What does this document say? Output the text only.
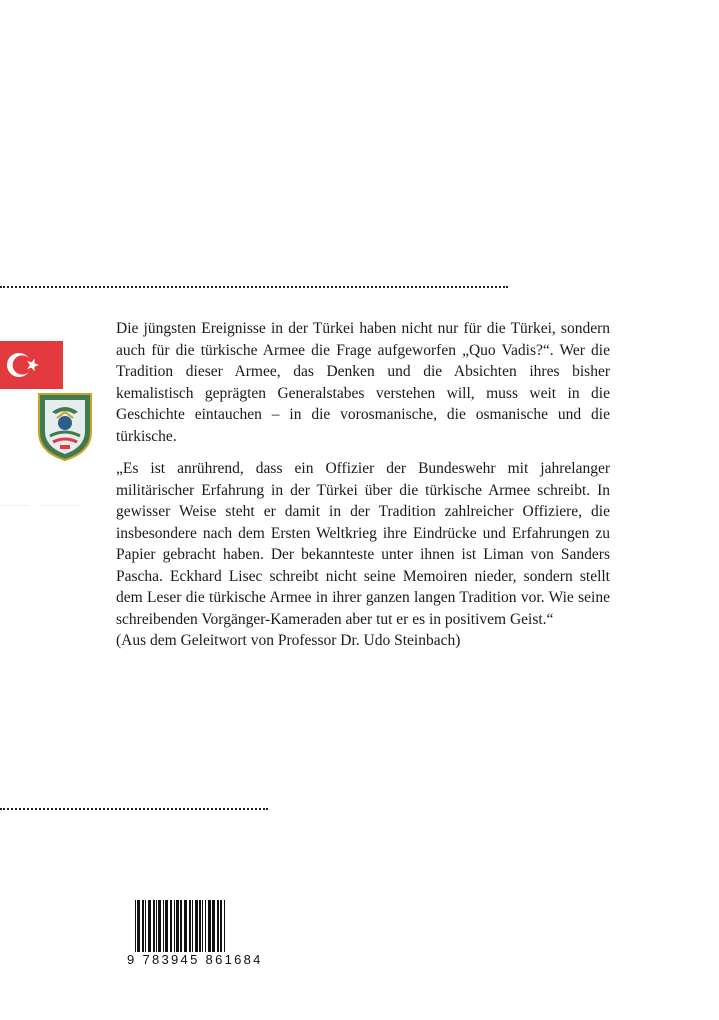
Die jüngsten Ereignisse in der Türkei haben nicht nur für die Türkei, sondern auch für die türkische Armee die Frage aufgeworfen „Quo Vadis?“. Wer die Tradition dieser Armee, das Denken und die Absichten ihres bisher kemalistisch geprägten Generalstabes verstehen will, muss weit in die Geschichte eintauchen – in die vorosmanische, die osmanische und die türkische.

„Es ist anrührend, dass ein Offizier der Bundeswehr mit jahrelanger militärischer Erfahrung in der Türkei über die türkische Armee schreibt. In gewisser Weise steht er damit in der Tradition zahlreicher Offiziere, die insbesondere nach dem Ersten Weltkrieg ihre Eindrücke und Erfahrungen zu Papier gebracht haben. Der bekannteste unter ihnen ist Liman von Sanders Pascha. Eckhard Lisec schreibt nicht seine Memoiren nieder, sondern stellt dem Leser die türkische Armee in ihrer ganzen langen Tradition vor. Wie seine schreibenden Vorgänger-Kameraden aber tut er es in positivem Geist.“

(Aus dem Geleitwort von Professor Dr. Udo Steinbach)

9 783945 861684
